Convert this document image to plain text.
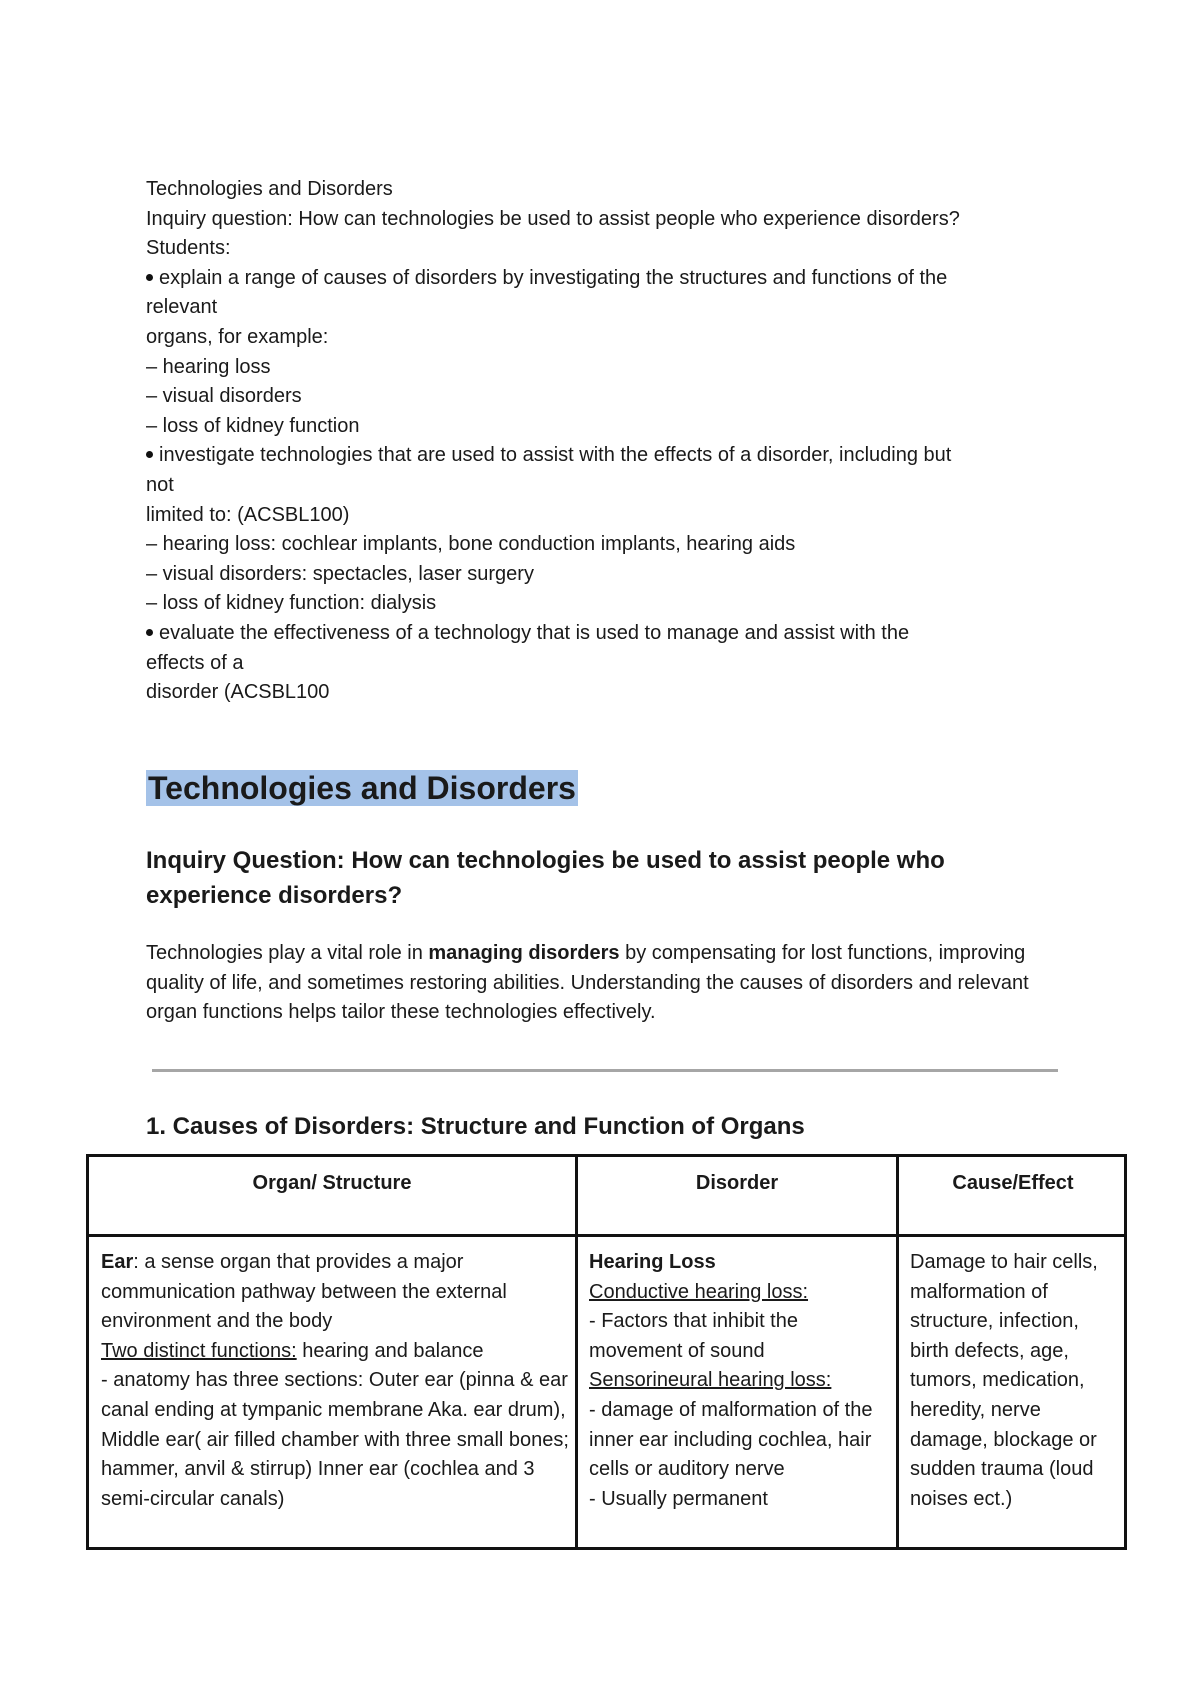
Technologies and Disorders
Inquiry question: How can technologies be used to assist people who experience disorders?
Students:
explain a range of causes of disorders by investigating the structures and functions of the
relevant
organs, for example:
– hearing loss
– visual disorders
– loss of kidney function
investigate technologies that are used to assist with the effects of a disorder, including but
not
limited to: (ACSBL100)
– hearing loss: cochlear implants, bone conduction implants, hearing aids
– visual disorders: spectacles, laser surgery
– loss of kidney function: dialysis
evaluate the effectiveness of a technology that is used to manage and assist with the
effects of a
disorder (ACSBL100
Technologies and Disorders
Inquiry Question: How can technologies be used to assist people who experience disorders?
Technologies play a vital role in managing disorders by compensating for lost functions, improving quality of life, and sometimes restoring abilities. Understanding the causes of disorders and relevant organ functions helps tailor these technologies effectively.
1. Causes of Disorders: Structure and Function of Organs
Organ/ Structure	Disorder	Cause/Effect
Ear: a sense organ that provides a major communication pathway between the external environment and the body
Two distinct functions: hearing and balance
- anatomy has three sections: Outer ear (pinna & ear canal ending at tympanic membrane Aka. ear drum), Middle ear( air filled chamber with three small bones; hammer, anvil & stirrup) Inner ear (cochlea and 3 semi-circular canals)
Hearing Loss
Conductive hearing loss:
- Factors that inhibit the movement of sound
Sensorineural hearing loss:
- damage of malformation of the inner ear including cochlea, hair cells or auditory nerve
- Usually permanent
Damage to hair cells, malformation of structure, infection, birth defects, age, tumors, medication, heredity, nerve damage, blockage or sudden trauma (loud noises ect.)
